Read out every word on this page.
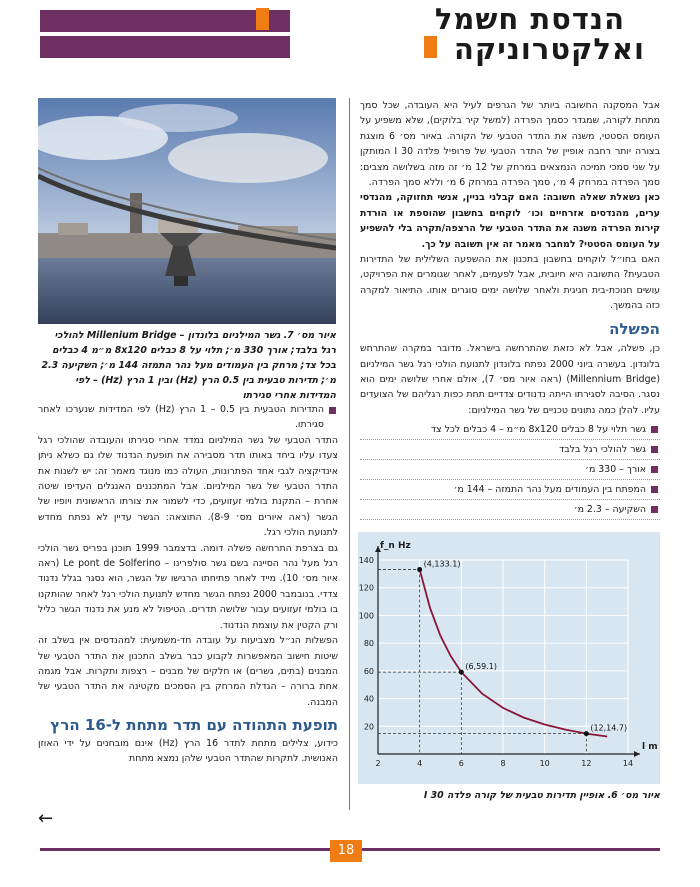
הנדסת חשמל
ואלקטרוניקה

אבל המסקנה החשובה ביותר של הגרפים לעיל היא העובדה, שכל סמך מתחת לקורה, שמגדר כסמך הפרדה (למשל קיר בלוקים), שלא משפיע על העומס הסטטי, משנה את התדר הטבעי של הקורה. באיור מס׳ 6 מוצגת בצורה יותר רחבה אופיין של התדר הטבעי של פרופיל פלדה I 30 המותקן על שני סמכי תמיכה הנמצאים במרחק של 12 מ׳ זה מזה בשלושה מצבים: סמך הפרדה במרחק 4 מ׳, סמך הפרדה במרחק 6 מ׳ וללא סמך הפרדה.

כאן נשאלת שאלה חשובה: האם קבלני בניין, אנשי תחזוקה, מהנדסי ערים, מהנדסים אזרחיים וכו׳ לוקחים בחשבון שהוספת או הורדת קירות הפרדה משנה את התדר הטבעי של הרצפה/תקרה בלי להשפיע על העומס הסטטי? למחבר מאמר זה אין תשובה על כך.

האם בחו״ל לוקחים בחשבון בתכנון את ההשפעה השלילית של התדירות הטבעית? התשובה היא חיובית, אבל לפעמים, לאחר שגומרים את הפרויקט, עושים חנוכת-בית חגיגית ולאחר שלושה ימים סוגרים אותו. התיאור למקרה כזה בהמשך.

הפשלה

כן, פשלה, אבל לא כזאת שהתרחשה בישראל. מדובר במקרה שהתרחש בלונדון. בעשרה ביוני 2000 נפתח בלונדון לתנועת הולכי רגל גשר המילניום (Millennium Bridge) (ראה איור מס׳ 7), אולם אחרי שלושה ימים הוא נסגר. הסיבה לסגירתו הייתה נדנודים צדדיים תחת כפות רגליהם של הצועדים עליו. להלן כמה נתונים טכניים של גשר המילניום:

גשר תלוי על 8 כבלים 8x120 מ״מ – 4 כבלים לכל צד
גשר להולכי רגל בלבד
אורך – 330 מ׳
המפתח בין העמודים מעל נהר התמזה – 144 מ׳
השקיעה – 2.3 מ׳
איור מס׳ 7. גשר המילניום בלונדון – Millenium Bridge להולכי רגל בלבד; אורך 330 מ׳; תלוי על 8 כבלים 8x120 מ״מ 4 כבלים בכל צד; מרחק בין העמודים מעל נהר התמזה 144 מ׳; השקיעה 2.3 מ׳; תדירות טבעית בין 0.5 הרץ (Hz) ובין 1 הרץ (Hz) – לפי המדידות אחרי סגירתו

התדירות הטבעית בין 0.5 – 1 הרץ (Hz) לפי המדידות שנערכו לאחר סגירתו.

התדר הטבעי של גשר המילניום נמדד אחרי סגירתו והעובדה שהולכי רגל צעדו עליו ביחד באותו תדר מסבירה את תופעת הנדנוד שלו גם כשלא ניתן אינדיקציה לגבי אחד הפתרונות, העולה כמו מנוגד מאמר זה: יש לשנות את התדר הטבעי של גשר המילניום. אבל המתכננים האנגלים העדיפו שיטה אחרת – התקנת בולמי זעזועים, כדי לשמור את צורתו הראשונית ויופיו של הגשר (ראה איורים מס׳ 8-9). התוצאה: הגשר עדיין לא נפתח מחדש לתנועת הולכי רגל.

גם בצרפת התרחשה פשלה דומה. בדצמבר 1999 תוכנן בפריס גשר הולכי רגל מעל נהר הסיינה בשם גשר סולפרינו – Le pont de Solferino (ראה איור מס׳ 10). מייד לאחר פתיחתו הרגישו של הגשר, הוא נסגר בגלל נדנוד צדדי. בנובמבר 2000 נפתח הגשר מחדש לתנועת הולכי רגל לאחר שהותקנו בו בולמי זעזועים עבור שלושה תדרים. הטיפול לא מנע את נדנוד הגשר כליל ורק הקטין את עוצמת הנדנוד.

הפשלות הנ״ל מצביעות על עובדה חד-משמעית: למהנדסים אין בשלב זה שיטות חישוב המאפשרות לקבוע כבר בשלב התכנון את התדר הטבעי של המבנים (בתים, גשרים) או חלקים של מבנים – רצפות ותקרות. אבל מגמה אחת ברורה – הגדלת המרחק בין הסמכים מקטינה את התדר הטבעי של המבנה.

תופעת התהודה עם תדר מתחת ל-16 הרץ

כידוע, צלילים מתחת לתדר 16 הרץ (Hz) אינם מובחנים על ידי האוזן האנושית. לתקרות שהתדר הטבעי שלהן נמצא מתחת

20
40
60
80
100
120
140
2	4	6	8	10	12	14
f_n Hz
l m
(4,133.1)
(6,59.1)
(12,14.7)
איור מס׳ 6. אופיין תדירות טבעית של קורה פלדה I 30
←
18
